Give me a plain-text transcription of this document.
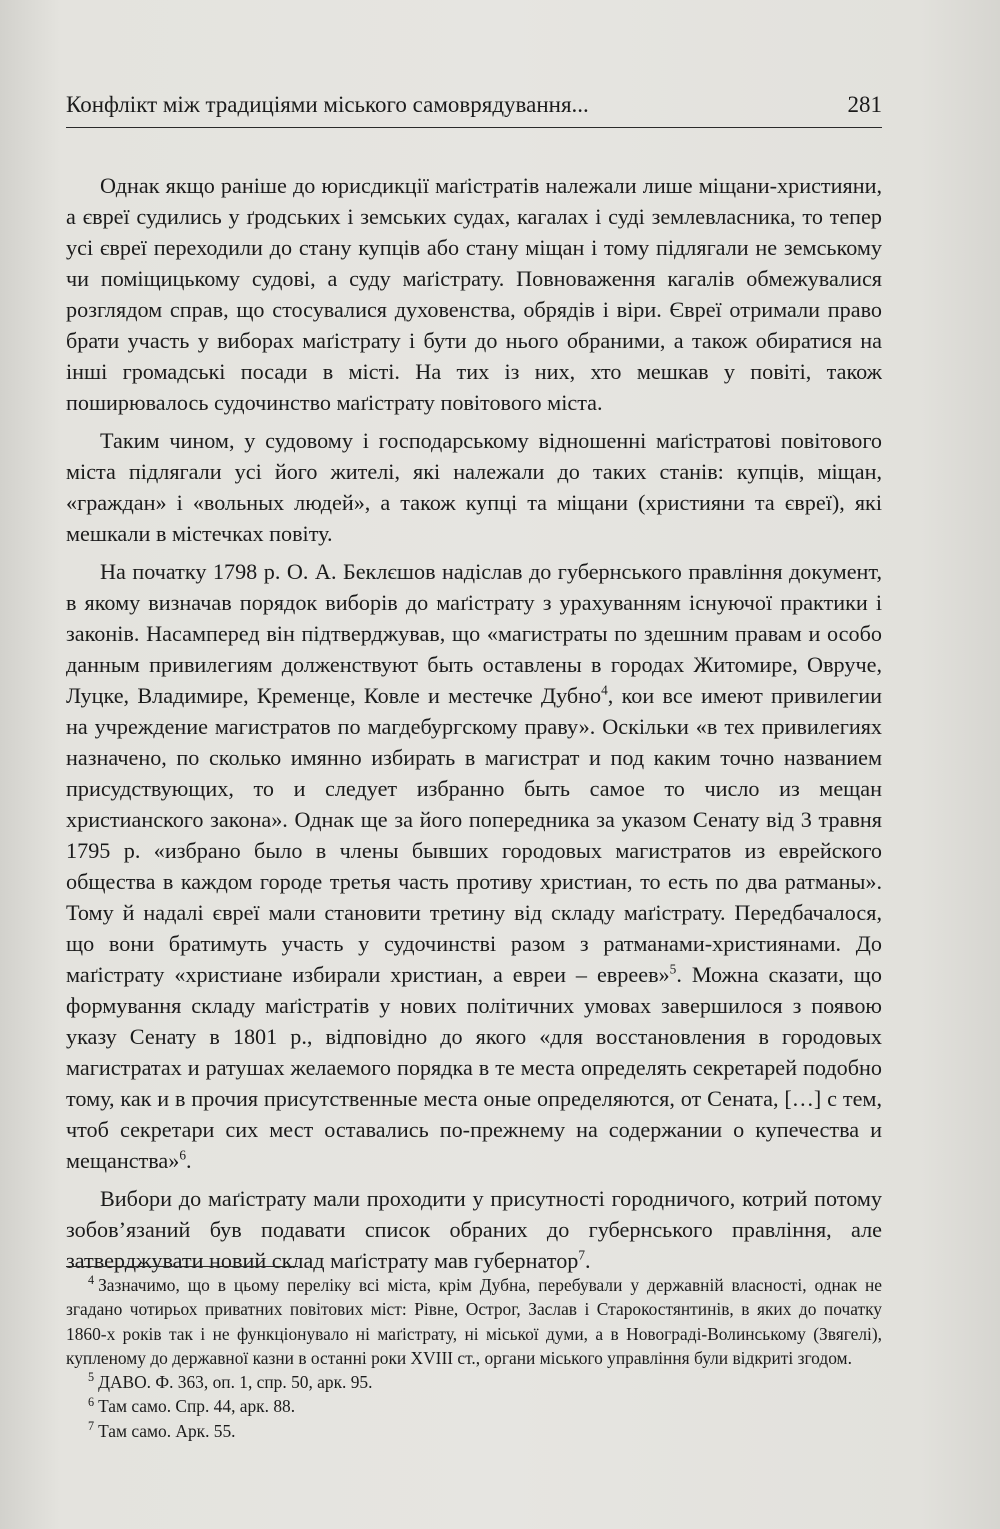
Конфлікт між традиціями міського самоврядування...	281

Однак якщо раніше до юрисдикції маґістратів належали лише міщани-християни, а євреї судились у ґродських і земських судах, кагалах і суді землевласника, то тепер усі євреї переходили до стану купців або стану міщан і тому підлягали не земському чи поміщицькому судові, а суду маґістрату. Повноваження кагалів обмежувалися розглядом справ, що стосувалися духовенства, обрядів і віри. Євреї отримали право брати участь у виборах маґістрату і бути до нього обраними, а також обиратися на інші громадські посади в місті. На тих із них, хто мешкав у повіті, також поширювалось судочинство маґістрату повітового міста.

Таким чином, у судовому і господарському відношенні маґістратові повітового міста підлягали усі його жителі, які належали до таких станів: купців, міщан, «граждан» і «вольных людей», а також купці та міщани (християни та євреї), які мешкали в містечках повіту.

На початку 1798 р. О. А. Беклєшов надіслав до губернського правління документ, в якому визначав порядок виборів до маґістрату з урахуванням існуючої практики і законів. Насамперед він підтверджував, що «магистраты по здешним правам и особо данным привилегиям долженствуют быть оставлены в городах Житомире, Овруче, Луцке, Владимире, Кременце, Ковле и местечке Дубно$^4$, кои все имеют привилегии на учреждение магистратов по магдебургскому праву». Оскільки «в тех привилегиях назначено, по сколько имянно избирать в магистрат и под каким точно названием присудствующих, то и следует избранно быть самое то число из мещан христианского закона». Однак ще за його попередника за указом Сенату від 3 травня 1795 р. «избрано было в члены бывших городовых магистратов из еврейского общества в каждом городе третья часть противу христиан, то есть по два ратманы». Тому й надалі євреї мали становити третину від складу маґістрату. Передбачалося, що вони братимуть участь у судочинстві разом з ратманами-християнами. До маґістрату «христиане избирали христиан, а евреи – евреев»$^5$. Можна сказати, що формування складу маґістратів у нових політичних умовах завершилося з появою указу Сенату в 1801 р., відповідно до якого «для восстановления в городовых магистратах и ратушах желаемого порядка в те места определять секретарей подобно тому, как и в прочия присутственные места оные определяются, от Сената, […] с тем, чтоб секретари сих мест оставались по-прежнему на содержании о купечества и мещанства»$^6$.

Вибори до маґістрату мали проходити у присутності городничого, котрий потому зобов’язаний був подавати список обраних до губернського правління, але затверджувати новий склад маґістрату мав губернатор$^7$.

$^4$ Зазначимо, що в цьому переліку всі міста, крім Дубна, перебували у державній власності, однак не згадано чотирьох приватних повітових міст: Рівне, Острог, Заслав і Старокостянтинів, в яких до початку 1860-х років так і не функціонувало ні маґістрату, ні міської думи, а в Новограді-Волинському (Звягелі), купленому до державної казни в останні роки XVIII ст., органи міського управління були відкриті згодом.

$^5$ ДАВО. Ф. 363, оп. 1, спр. 50, арк. 95.

$^6$ Там само. Спр. 44, арк. 88.

$^7$ Там само. Арк. 55.
